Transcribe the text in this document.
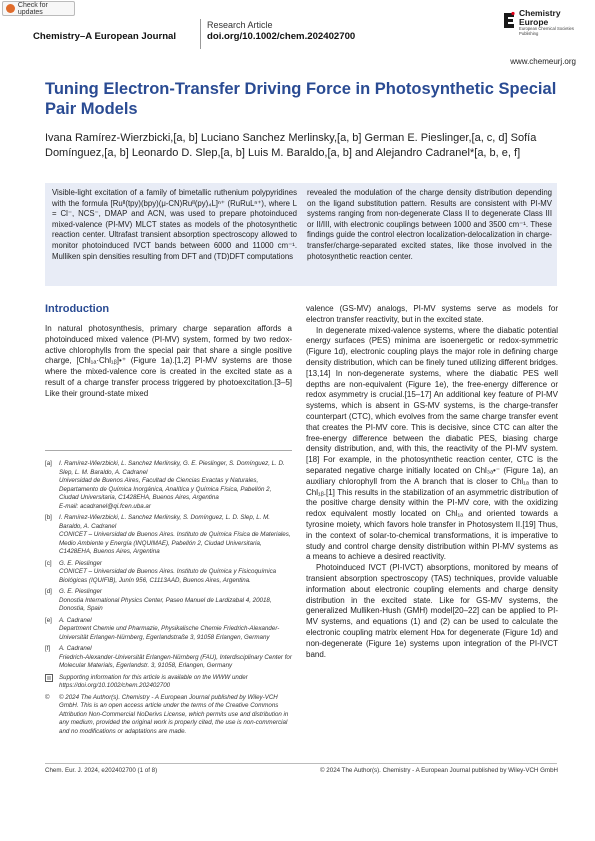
Check for updates
Chemistry–A European Journal
Research Article
doi.org/10.1002/chem.202402700
Chemistry
Europe
European Chemical Societies Publishing
www.chemeurj.org
Tuning Electron-Transfer Driving Force in Photosynthetic Special Pair Models
Ivana Ramírez-Wierzbicki,[a, b] Luciano Sanchez Merlinsky,[a, b] German E. Pieslinger,[a, c, d] Sofía Domínguez,[a, b] Leonardo D. Slep,[a, b] Luis M. Baraldo,[a, b] and Alejandro Cadranel*[a, b, e, f]
Visible-light excitation of a family of bimetallic ruthenium polypyridines with the formula [Ruᴵᴵ(tpy)(bpy)(μ-CN)Ruᴵᴵ(py)₄L]ⁿ⁺ (RuRuLⁿ⁺), where L = Cl⁻, NCS⁻, DMAP and ACN, was used to prepare photoinduced mixed-valence (PI-MV) MLCT states as models of the photosynthetic reaction center. Ultrafast transient absorption spectroscopy allowed to monitor photoinduced IVCT bands between 6000 and 11000 cm⁻¹. Mulliken spin densities resulting from DFT and (TD)DFT computations
revealed the modulation of the charge density distribution depending on the ligand substitution pattern. Results are consistent with PI-MV systems ranging from non-degenerate Class II to degenerate Class III or II/III, with electronic couplings between 1000 and 3500 cm⁻¹. These findings guide the control electron localization-delocalization in charge-transfer/charge-separated excited states, like those involved in the photosynthetic reaction center.
Introduction

In natural photosynthesis, primary charge separation affords a photoinduced mixed valence (PI-MV) system, formed by two redox-active chlorophylls from the special pair that share a single positive charge, [Chl₁ₐ·Chl₁ᵦ]•⁺ (Figure 1a).[1,2] PI-MV systems are those where the mixed-valence core is created in the excited state as a result of a charge transfer process triggered by photoexcitation.[3–5] Like their ground-state mixed

[a]	I. Ramírez-Wierzbicki, L. Sanchez Merlinsky, G. E. Pieslinger, S. Domínguez, L. D. Slep, L. M. Baraldo, A. Cadranel
Universidad de Buenos Aires, Facultad de Ciencias Exactas y Naturales, Departamento de Química Inorgánica, Analítica y Química Física, Pabellón 2, Ciudad Universitaria, C1428EHA, Buenos Aires, Argentina
E-mail: acadranel@qi.fcen.uba.ar
[b]	I. Ramírez-Wierzbicki, L. Sanchez Merlinsky, S. Domínguez, L. D. Slep, L. M. Baraldo, A. Cadranel
CONICET – Universidad de Buenos Aires. Instituto de Química Física de Materiales, Medio Ambiente y Energía (INQUIMAE), Pabellón 2, Ciudad Universitaria, C1428EHA, Buenos Aires, Argentina
[c]	G. E. Pieslinger
CONICET – Universidad de Buenos Aires. Instituto de Química y Fisicoquímica Biológicas (IQUIFIB), Junín 956, C1113AAD, Buenos Aires, Argentina.
[d]	G. E. Pieslinger
Donostia International Physics Center, Paseo Manuel de Lardizabal 4, 20018, Donostia, Spain
[e]	A. Cadranel
Department Chemie und Pharmazie, Physikalische Chemie Friedrich-Alexander-Universität Erlangen-Nürnberg, Egerlandstraße 3, 91058 Erlangen, Germany
[f]	A. Cadranel
Friedrich-Alexander-Universität Erlangen-Nürnberg (FAU), Interdisciplinary Center for Molecular Materials, Egerlandstr. 3, 91058, Erlangen, Germany
Supporting information for this article is available on the WWW under https://doi.org/10.1002/chem.202402700
©	© 2024 The Author(s). Chemistry - A European Journal published by Wiley-VCH GmbH. This is an open access article under the terms of the Creative Commons Attribution Non-Commercial NoDerivs License, which permits use and distribution in any medium, provided the original work is properly cited, the use is non-commercial and no modifications or adaptations are made.

valence (GS-MV) analogs, PI-MV systems serve as models for electron transfer reactivity, but in the excited state.

In degenerate mixed-valence systems, where the diabatic potential energy surfaces (PES) minima are isoenergetic or redox-symmetric (Figure 1d), electronic coupling plays the major role in defining charge density distribution, which can be finely tuned utilizing different bridges.[13,14] In non-degenerate systems, where the diabatic PES well depths are non-equivalent (Figure 1e), the free-energy difference or redox asymmetry is crucial.[15–17] An additional key feature of PI-MV systems, which is absent in GS-MV systems, is the charge-transfer counterpart (CTC), which evolves from the same charge transfer event that creates the PI-MV core. This is decisive, since CTC can alter the free-energy difference between the diabatic PES, biasing charge density distribution, and, with this, the reactivity of the PI-MV system.[18] For example, in the photosynthetic reaction center, CTC is the separated negative charge initially located on Chl₃ₐ•⁻ (Figure 1a), an auxiliary chlorophyll from the A branch that is closer to Chl₁ₐ than to Chl₁ᵦ.[1] This results in the stabilization of an asymmetric distribution of the positive charge density within the PI-MV core, with the oxidizing redox equivalent mostly located on Chl₁ₐ and oriented towards a tyrosine moiety, which favors hole transfer in Photosystem II.[19] Thus, in the context of solar-to-chemical transformations, it is imperative to study and control charge density distribution within PI-MV systems as a means to achieve a desired reactivity.

Photoinduced IVCT (PI-IVCT) absorptions, monitored by means of transient absorption spectroscopy (TAS) techniques, provide valuable information about electronic coupling elements and charge density distribution in the excited state. Like for GS-MV systems, the generalized Mulliken-Hush (GMH) model[20–22] can be applied to PI-MV systems, and equations (1) and (2) can be used to calculate the electronic coupling matrix element Hᴅᴀ for degenerate (Figure 1d) and non-degenerate (Figure 1e) systems upon integration of the PI-IVCT band.

Chem. Eur. J. 2024, e202402700 (1 of 8)	© 2024 The Author(s). Chemistry - A European Journal published by Wiley-VCH GmbH
